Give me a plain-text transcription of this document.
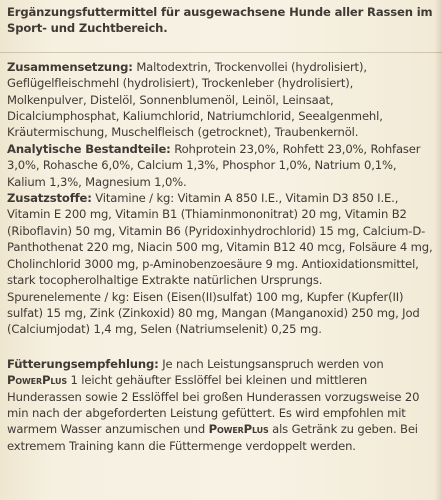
Ergänzungsfuttermittel für ausgewachsene Hunde aller Rassen im Sport- und Zuchtbereich.

Zusammensetzung: Maltodextrin, Trockenvollei (hydrolisiert), Geflügelfleischmehl (hydrolisiert), Trockenleber (hydrolisiert), Molkenpulver, Distelöl, Sonnenblumenöl, Leinöl, Leinsaat, Dicalciumphosphat, Kaliumchlorid, Natriumchlorid, Seealgenmehl, Kräutermischung, Muschelfleisch (getrocknet), Traubenkernöl.

Analytische Bestandteile: Rohprotein 23,0%, Rohfett 23,0%, Rohfaser 3,0%, Rohasche 6,0%, Calcium 1,3%, Phosphor 1,0%, Natrium 0,1%, Kalium 1,3%, Magnesium 1,0%.

Zusatzstoffe: Vitamine / kg: Vitamin A 850 I.E., Vitamin D3 850 I.E., Vitamin E 200 mg, Vitamin B1 (Thiaminmononitrat) 20 mg, Vitamin B2 (Riboflavin) 50 mg, Vitamin B6 (Pyridoxinhydrochlorid) 15 mg, Calcium-D-Panthothenat 220 mg, Niacin 500 mg, Vitamin B12 40 mcg, Folsäure 4 mg, Cholinchlorid 3000 mg, p-Aminobenzoesäure 9 mg. Antioxidationsmittel, stark tocopherolhaltige Extrakte natürlichen Ursprungs.

Spurenelemente / kg: Eisen (Eisen(II)sulfat) 100 mg, Kupfer (Kupfer(II) sulfat) 15 mg, Zink (Zinkoxid) 80 mg, Mangan (Manganoxid) 250 mg, Jod (Calciumjodat) 1,4 mg, Selen (Natriumselenit) 0,25 mg.

Fütterungsempfehlung: Je nach Leistungsanspruch werden von PowerPlus 1 leicht gehäufter Esslöffel bei kleinen und mittleren Hunderassen sowie 2 Esslöffel bei großen Hunderassen vorzugsweise 20 min nach der abgeforderten Leistung gefüttert. Es wird empfohlen mit warmem Wasser anzumischen und PowerPlus als Getränk zu geben. Bei extremem Training kann die Füttermenge verdoppelt werden.
